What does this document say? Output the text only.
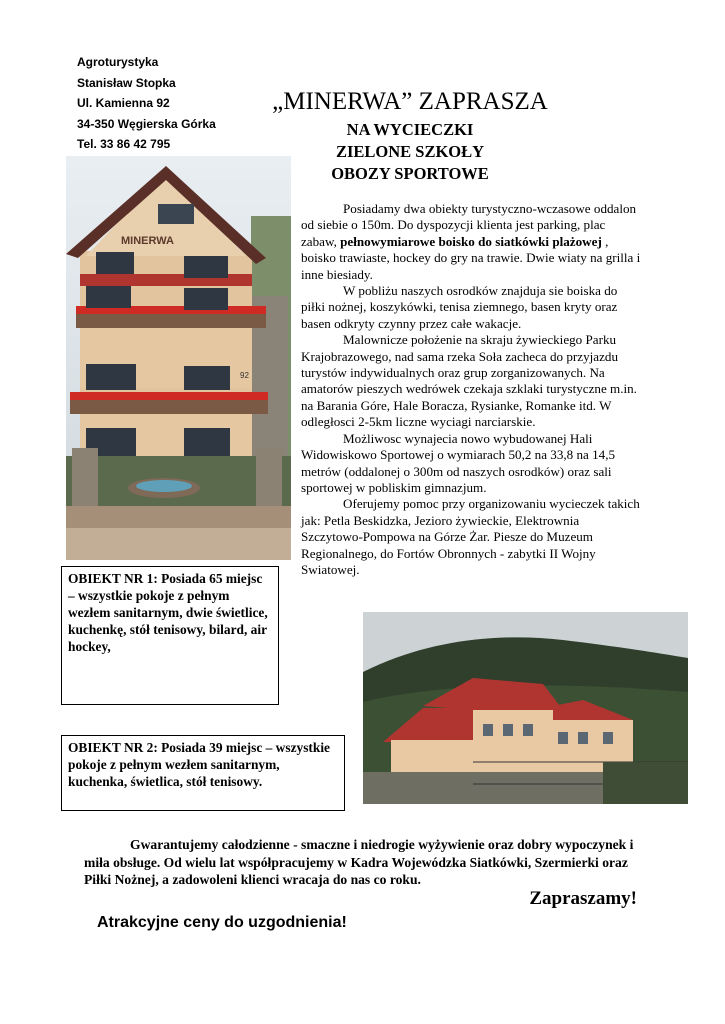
Agroturystyka
Stanisław Stopka
Ul. Kamienna 92
34-350 Węgierska Górka
Tel. 33 86 42 795
„MINERWA” ZAPRASZA
NA WYCIECZKI
ZIELONE SZKOŁY
OBOZY SPORTOWE
MINERWA
92

Posiadamy dwa obiekty turystyczno-wczasowe oddalon od siebie o 150m. Do dyspozycji klienta jest parking, plac zabaw, pełnowymiarowe boisko do siatkówki plażowej , boisko trawiaste, hockey do gry na trawie. Dwie wiaty na grilla i inne biesiady.

W pobliżu naszych osrodków znajduja sie boiska do piłki nożnej, koszykówki, tenisa ziemnego, basen kryty oraz basen odkryty czynny przez całe wakacje.

Malownicze położenie na skraju żywieckiego Parku Krajobrazowego, nad sama rzeka Soła zacheca do przyjazdu turystów indywidualnych oraz grup zorganizowanych. Na amatorów pieszych wedrówek czekaja szklaki turystyczne m.in. na Barania Góre, Hale Boracza, Rysianke, Romanke itd. W odległosci 2-5km liczne wyciagi narciarskie.

Możliwosc wynajecia nowo wybudowanej Hali Widowiskowo Sportowej o wymiarach 50,2 na 33,8 na 14,5 metrów (oddalonej o 300m od naszych osrodków) oraz sali sportowej w pobliskim gimnazjum.

Oferujemy pomoc przy organizowaniu wycieczek takich jak: Petla Beskidzka, Jezioro żywieckie, Elektrownia Szczytowo-Pompowa na Górze Żar. Piesze do Muzeum Regionalnego, do Fortów Obronnych - zabytki II Wojny Swiatowej.

OBIEKT NR 1: Posiada 65 miejsc – wszystkie pokoje z pełnym wezłem sanitarnym, dwie świetlice, kuchenkę, stół tenisowy, bilard, air hockey,
OBIEKT NR 2: Posiada 39 miejsc – wszystkie pokoje z pełnym wezłem sanitarnym, kuchenka, świetlica, stół tenisowy.

Gwarantujemy całodzienne - smaczne i niedrogie wyżywienie oraz dobry wypoczynek i miła obsługe. Od wielu lat współpracujemy w Kadra Wojewódzka Siatkówki, Szermierki oraz Piłki Nożnej, a zadowoleni klienci wracaja do nas co roku.

Zapraszamy!
Atrakcyjne ceny do uzgodnienia!
